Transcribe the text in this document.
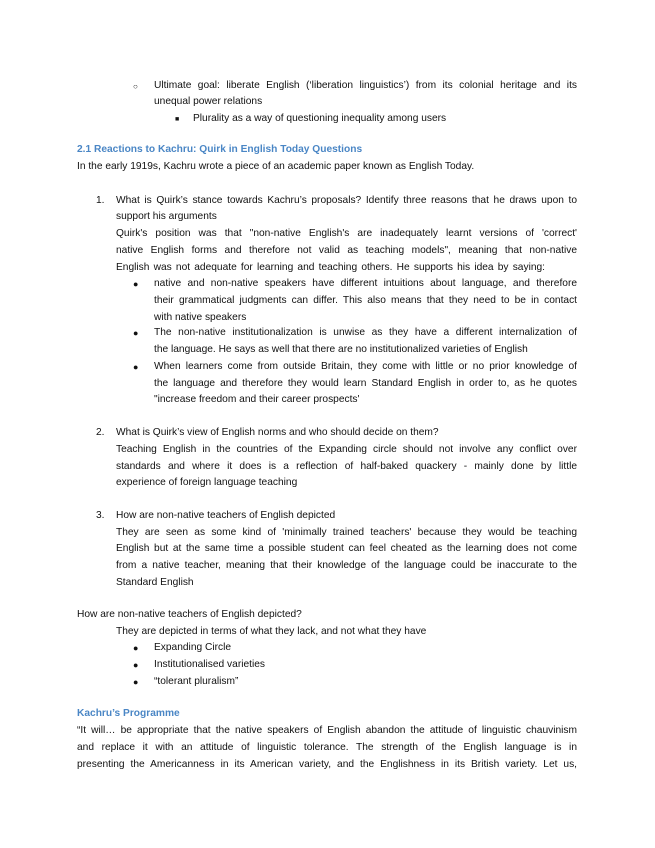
○ Ultimate goal: liberate English (‘liberation linguistics’) from its colonial heritage and its
unequal power relations
■ Plurality as a way of questioning inequality among users
2.1 Reactions to Kachru: Quirk in English Today Questions
In the early 1919s, Kachru wrote a piece of an academic paper known as English Today.
1. What is Quirk’s stance towards Kachru’s proposals? Identify three reasons that he draws upon to
support his arguments
Quirk's position was that "non-native English's are inadequately learnt versions of 'correct'
native English forms and therefore not valid as teaching models", meaning that non-native
English was not adequate for learning and teaching others. He supports his idea by saying:
● native and non-native speakers have different intuitions about language, and therefore
their grammatical judgments can differ. This also means that they need to be in contact
with native speakers
● The non-native institutionalization is unwise as they have a different internalization of
the language. He says as well that there are no institutionalized varieties of English
● When learners come from outside Britain, they come with little or no prior knowledge of
the language and therefore they would learn Standard English in order to, as he quotes
"increase freedom and their career prospects'
2. What is Quirk’s view of English norms and who should decide on them?
Teaching English in the countries of the Expanding circle should not involve any conflict over
standards and where it does is a reflection of half-baked quackery - mainly done by little
experience of foreign language teaching
3. How are non-native teachers of English depicted
They are seen as some kind of 'minimally trained teachers' because they would be teaching
English but at the same time a possible student can feel cheated as the learning does not come
from a native teacher, meaning that their knowledge of the language could be inaccurate to the
Standard English
How are non-native teachers of English depicted?
They are depicted in terms of what they lack, and not what they have
● Expanding Circle
● Institutionalised varieties
● “tolerant pluralism”
Kachru’s Programme
“It will… be appropriate that the native speakers of English abandon the attitude of linguistic chauvinism
and replace it with an attitude of linguistic tolerance. The strength of the English language is in
presenting the Americanness in its American variety, and the Englishness in its British variety. Let us,
